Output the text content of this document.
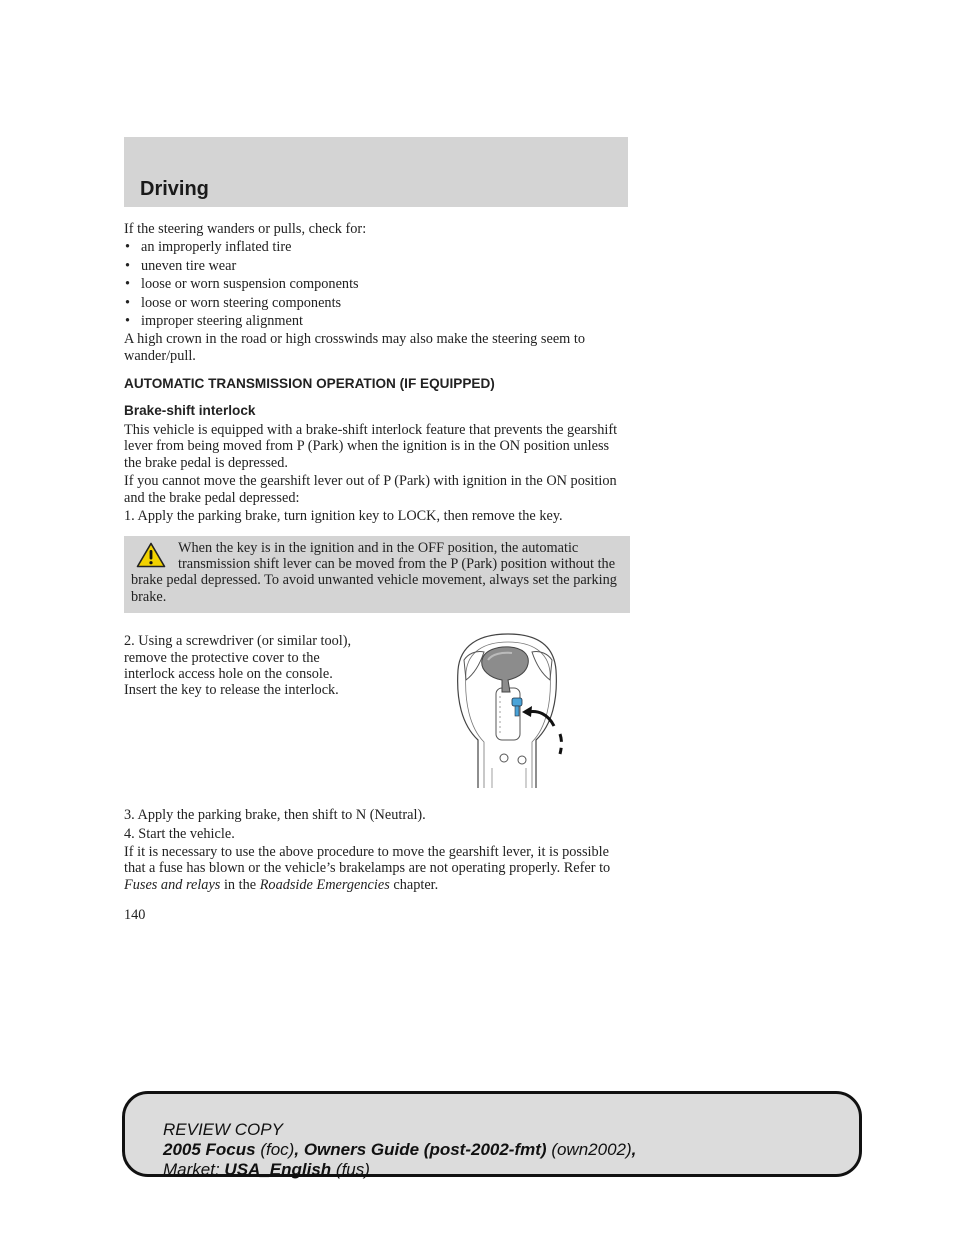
Driving

If the steering wanders or pulls, check for:

• an improperly inflated tire
• uneven tire wear
• loose or worn suspension components
• loose or worn steering components
• improper steering alignment

A high crown in the road or high crosswinds may also make the steering seem to wander/pull.

AUTOMATIC TRANSMISSION OPERATION (IF EQUIPPED)
Brake-shift interlock

This vehicle is equipped with a brake-shift interlock feature that prevents the gearshift lever from being moved from P (Park) when the ignition is in the ON position unless the brake pedal is depressed.

If you cannot move the gearshift lever out of P (Park) with ignition in the ON position and the brake pedal depressed:

1. Apply the parking brake, turn ignition key to LOCK, then remove the key.

When the key is in the ignition and in the OFF position, the automatic transmission shift lever can be moved from the P (Park) position without the brake pedal depressed. To avoid unwanted vehicle movement, always set the parking brake.

2. Using a screwdriver (or similar tool), remove the protective cover to the interlock access hole on the console. Insert the key to release the interlock.

3. Apply the parking brake, then shift to N (Neutral).

4. Start the vehicle.

If it is necessary to use the above procedure to move the gearshift lever, it is possible that a fuse has blown or the vehicle’s brakelamps are not operating properly. Refer to Fuses and relays in the Roadside Emergencies chapter.

140
REVIEW COPY
2005 Focus (foc), Owners Guide (post-2002-fmt) (own2002),
Market: USA_English (fus)
